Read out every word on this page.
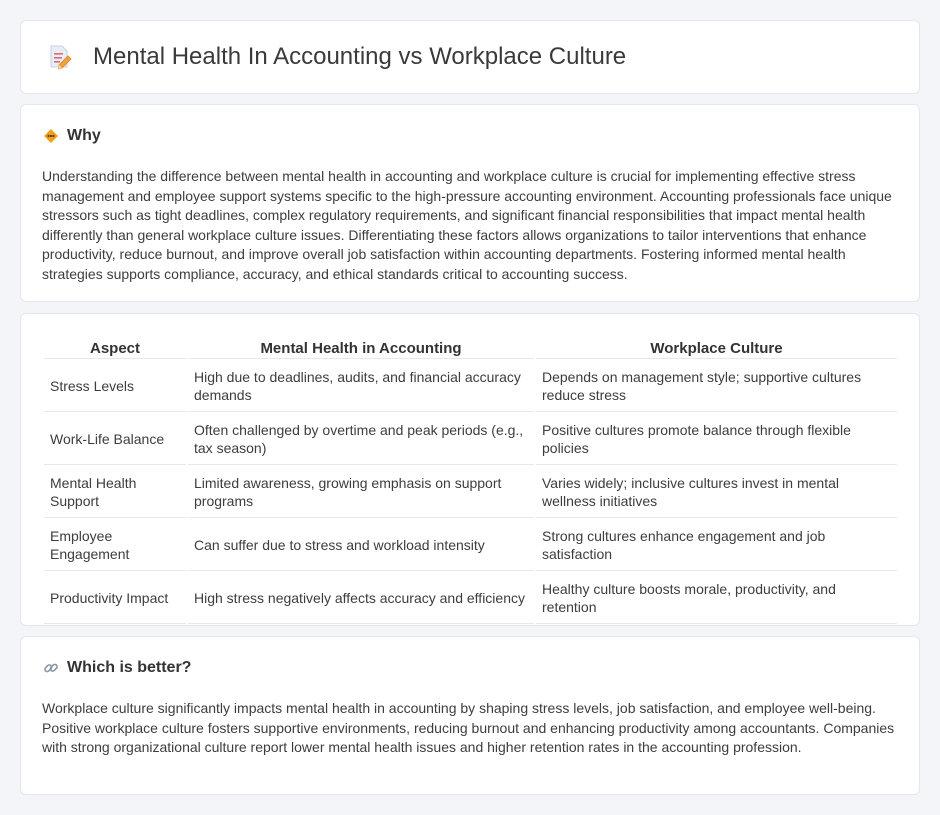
Mental Health In Accounting vs Workplace Culture
Why

Understanding the difference between mental health in accounting and workplace culture is crucial for implementing effective stress management and employee support systems specific to the high-pressure accounting environment. Accounting professionals face unique stressors such as tight deadlines, complex regulatory requirements, and significant financial responsibilities that impact mental health differently than general workplace culture issues. Differentiating these factors allows organizations to tailor interventions that enhance productivity, reduce burnout, and improve overall job satisfaction within accounting departments. Fostering informed mental health strategies supports compliance, accuracy, and ethical standards critical to accounting success.

Aspect	Mental Health in Accounting	Workplace Culture
Stress Levels	High due to deadlines, audits, and financial accuracy demands	Depends on management style; supportive cultures reduce stress
Work-Life Balance	Often challenged by overtime and peak periods (e.g., tax season)	Positive cultures promote balance through flexible policies
Mental Health Support	Limited awareness, growing emphasis on support programs	Varies widely; inclusive cultures invest in mental wellness initiatives
Employee Engagement	Can suffer due to stress and workload intensity	Strong cultures enhance engagement and job satisfaction
Productivity Impact	High stress negatively affects accuracy and efficiency	Healthy culture boosts morale, productivity, and retention
Which is better?

Workplace culture significantly impacts mental health in accounting by shaping stress levels, job satisfaction, and employee well-being. Positive workplace culture fosters supportive environments, reducing burnout and enhancing productivity among accountants. Companies with strong organizational culture report lower mental health issues and higher retention rates in the accounting profession.
